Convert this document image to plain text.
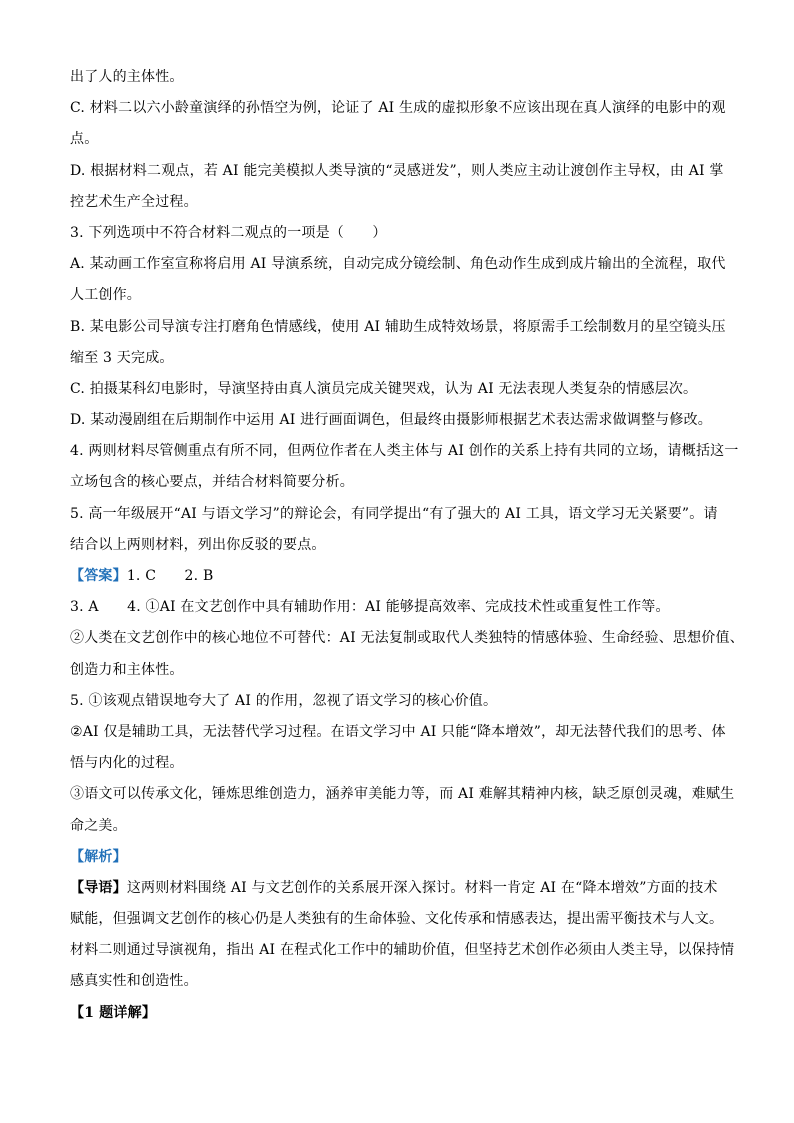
出了人的主体性。
C. 材料二以六小龄童演绎的孙悟空为例，论证了 AI 生成的虚拟形象不应该出现在真人演绎的电影中的观
点。
D. 根据材料二观点，若 AI 能完美模拟人类导演的“灵感迸发”，则人类应主动让渡创作主导权，由 AI 掌
控艺术生产全过程。
3. 下列选项中不符合材料二观点的一项是（　　）
A. 某动画工作室宣称将启用 AI 导演系统，自动完成分镜绘制、角色动作生成到成片输出的全流程，取代
人工创作。
B. 某电影公司导演专注打磨角色情感线，使用 AI 辅助生成特效场景，将原需手工绘制数月的星空镜头压
缩至 3 天完成。
C. 拍摄某科幻电影时，导演坚持由真人演员完成关键哭戏，认为 AI 无法表现人类复杂的情感层次。
D. 某动漫剧组在后期制作中运用 AI 进行画面调色，但最终由摄影师根据艺术表达需求做调整与修改。
4. 两则材料尽管侧重点有所不同，但两位作者在人类主体与 AI 创作的关系上持有共同的立场，请概括这一
立场包含的核心要点，并结合材料简要分析。
5. 高一年级展开“AI 与语文学习”的辩论会，有同学提出“有了强大的 AI 工具，语文学习无关紧要”。请
结合以上两则材料，列出你反驳的要点。
【答案】1. C　　2. B
3. A　　4. ①AI 在文艺创作中具有辅助作用：AI 能够提高效率、完成技术性或重复性工作等。
②人类在文艺创作中的核心地位不可替代：AI 无法复制或取代人类独特的情感体验、生命经验、思想价值、
创造力和主体性。
5. ①该观点错误地夸大了 AI 的作用，忽视了语文学习的核心价值。
②AI 仅是辅助工具，无法替代学习过程。在语文学习中 AI 只能“降本增效”，却无法替代我们的思考、体
悟与内化的过程。
③语文可以传承文化，锤炼思维创造力，涵养审美能力等，而 AI 难解其精神内核，缺乏原创灵魂，难赋生
命之美。
【解析】
【导语】这两则材料围绕 AI 与文艺创作的关系展开深入探讨。材料一肯定 AI 在“降本增效”方面的技术
赋能，但强调文艺创作的核心仍是人类独有的生命体验、文化传承和情感表达，提出需平衡技术与人文。
材料二则通过导演视角，指出 AI 在程式化工作中的辅助价值，但坚持艺术创作必须由人类主导，以保持情
感真实性和创造性。
【1 题详解】
